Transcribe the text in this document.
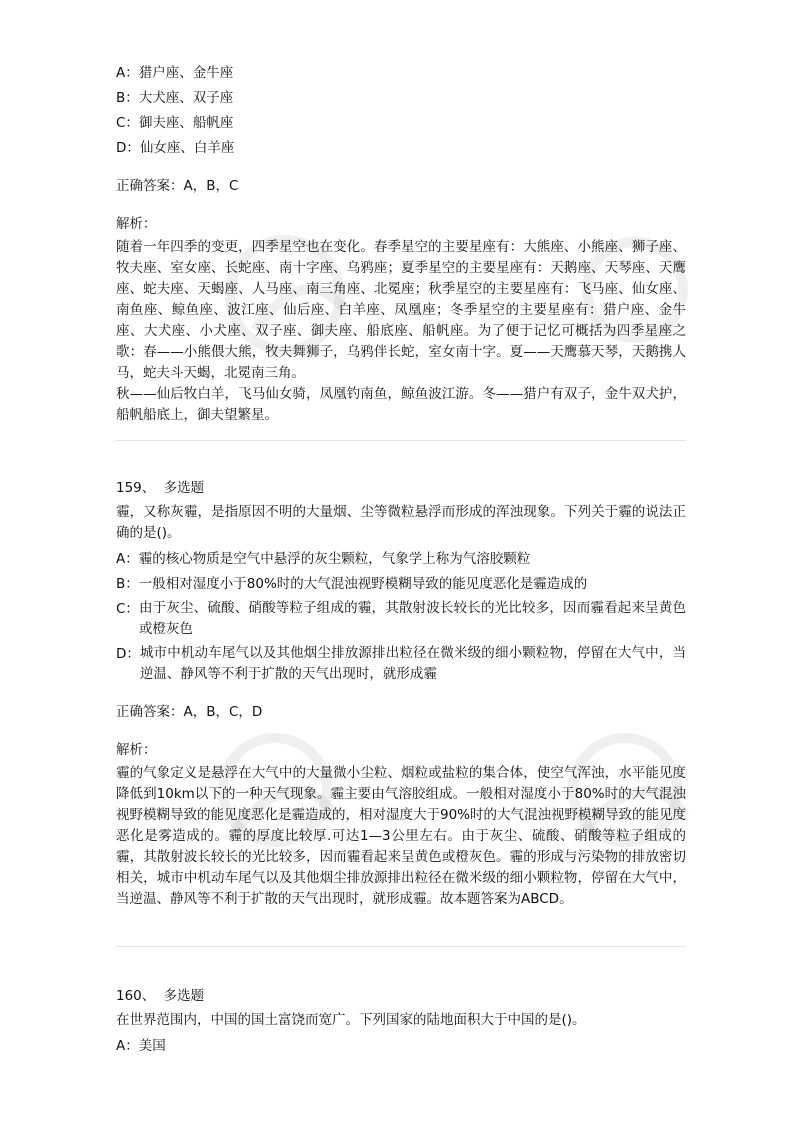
A： 猎户座、金牛座
B： 大犬座、双子座
C： 御夫座、船帆座
D： 仙女座、白羊座
正确答案：A，B，C
解析：
随着一年四季的变更，四季星空也在变化。春季星空的主要星座有：大熊座、小熊座、狮子座、牧夫座、室女座、长蛇座、南十字座、乌鸦座；夏季星空的主要星座有：天鹅座、天琴座、天鹰座、蛇夫座、天蝎座、人马座、南三角座、北冕座；秋季星空的主要星座有：飞马座、仙女座、南鱼座、鲸鱼座、波江座、仙后座、白羊座、凤凰座；冬季星空的主要星座有：猎户座、金牛座、大犬座、小犬座、双子座、御夫座、船底座、船帆座。为了便于记忆可概括为四季星座之歌：春——小熊偎大熊，牧夫舞狮子，乌鸦伴长蛇，室女南十字。夏——天鹰慕天琴，天鹅携人马，蛇夫斗天蝎，北冕南三角。
秋——仙后牧白羊，飞马仙女骑，凤凰钓南鱼，鲸鱼波江游。冬——猎户有双子，金牛双犬护，船帆船底上，御夫望繁星。
159、 多选题
霾，又称灰霾，是指原因不明的大量烟、尘等微粒悬浮而形成的浑浊现象。下列关于霾的说法正确的是()。
A： 霾的核心物质是空气中悬浮的灰尘颗粒，气象学上称为气溶胶颗粒
B： 一般相对湿度小于80%时的大气混浊视野模糊导致的能见度恶化是霾造成的
C： 由于灰尘、硫酸、硝酸等粒子组成的霾，其散射波长较长的光比较多，因而霾看起来呈黄色或橙灰色
D： 城市中机动车尾气以及其他烟尘排放源排出粒径在微米级的细小颗粒物，停留在大气中，当逆温、静风等不利于扩散的天气出现时，就形成霾
正确答案：A，B，C，D
解析：
霾的气象定义是悬浮在大气中的大量微小尘粒、烟粒或盐粒的集合体，使空气浑浊，水平能见度降低到10km以下的一种天气现象。霾主要由气溶胶组成。一般相对湿度小于80%时的大气混浊视野模糊导致的能见度恶化是霾造成的，相对湿度大于90%时的大气混浊视野模糊导致的能见度恶化是雾造成的。霾的厚度比较厚.可达1—3公里左右。由于灰尘、硫酸、硝酸等粒子组成的霾，其散射波长较长的光比较多，因而霾看起来呈黄色或橙灰色。霾的形成与污染物的排放密切相关，城市中机动车尾气以及其他烟尘排放源排出粒径在微米级的细小颗粒物，停留在大气中，当逆温、静风等不利于扩散的天气出现时，就形成霾。故本题答案为ABCD。
160、 多选题
在世界范围内，中国的国土富饶而宽广。下列国家的陆地面积大于中国的是()。
A： 美国
